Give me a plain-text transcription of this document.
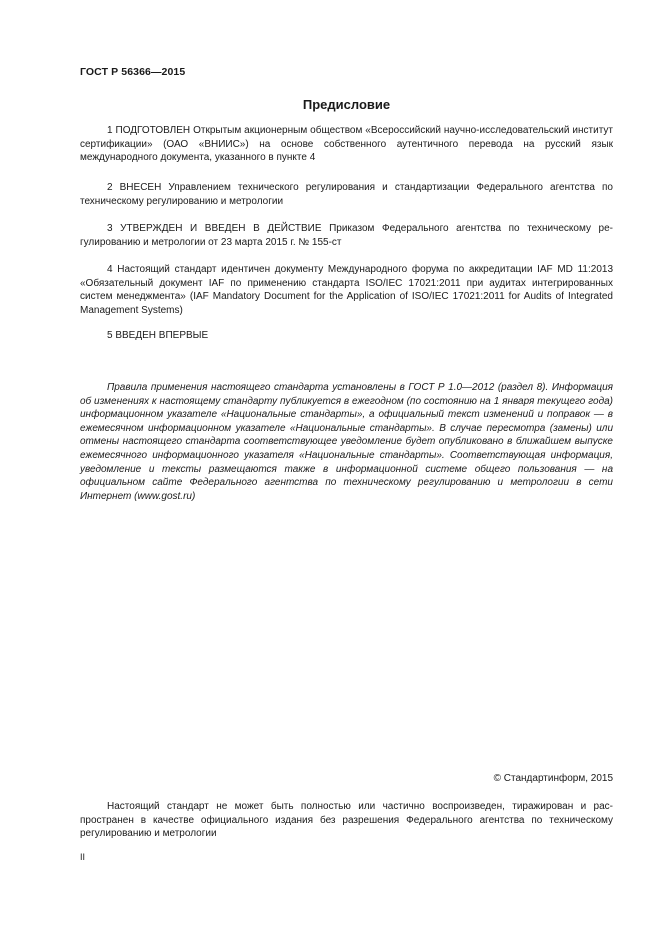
ГОСТ Р 56366—2015
Предисловие

1 ПОДГОТОВЛЕН Открытым акционерным обществом «Всероссийский научно-исследовательский институт сертификации» (ОАО «ВНИИС») на основе собственного аутентичного перевода на русский язык международного документа, указанного в пункте 4

2 ВНЕСЕН Управлением технического регулирования и стандартизации Федерального агентства по техническому регулированию и метрологии

3 УТВЕРЖДЕН И ВВЕДЕН В ДЕЙСТВИЕ Приказом Федерального агентства по техническому регулированию и метрологии от 23 марта 2015 г. № 155-ст

4 Настоящий стандарт идентичен документу Международного форума по аккредитации IAF MD 11:2013 «Обязательный документ IAF по применению стандарта ISO/IEC 17021:2011 при аудитах интегрированных систем менеджмента» (IAF Mandatory Document for the Application of ISO/IEC 17021:2011 for Audits of Integrated Management Systems)

5 ВВЕДЕН ВПЕРВЫЕ

Правила применения настоящего стандарта установлены в ГОСТ Р 1.0—2012 (раздел 8). Информация об изменениях к настоящему стандарту публикуется в ежегодном (по состоянию на 1 января текущего года) информационном указателе «Национальные стандарты», а официальный текст изменений и поправок — в ежемесячном информационном указателе «Национальные стандарты». В случае пересмотра (замены) или отмены настоящего стандарта соответствующее уведомление будет опубликовано в ближайшем выпуске ежемесячного информационного указателя «Национальные стандарты». Соответствующая информация, уведомление и тексты размещаются также в информационной системе общего пользования — на официальном сайте Федерального агентства по техническому регулированию и метрологии в сети Интернет (www.gost.ru)

© Стандартинформ, 2015

Настоящий стандарт не может быть полностью или частично воспроизведен, тиражирован и распространен в качестве официального издания без разрешения Федерального агентства по техническому регулированию и метрологии

II
